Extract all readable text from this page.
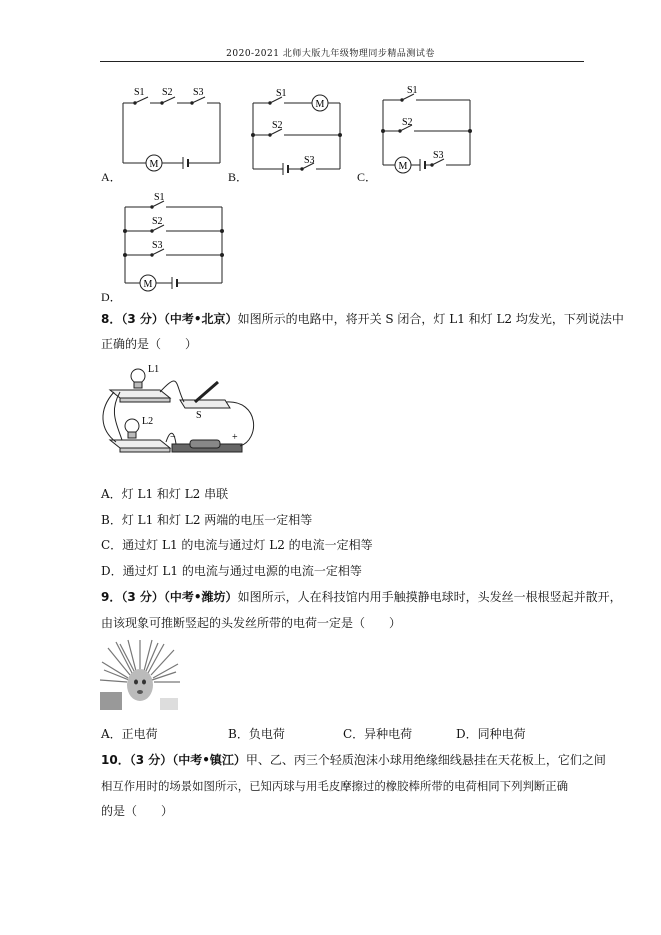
2020-2021 北师大版九年级物理同步精品测试卷
M
S1 S2 S3
A．
M
S1
S2
S3
B．
M
S1
S2
S3
C．
M
S1
S2
S3
D．
8．（3 分）（中考•北京）如图所示的电路中，将开关 S 闭合，灯 L1 和灯 L2 均发光，下列说法中
正确的是（　　）
L1
L2
S
−	+
A．灯 L1 和灯 L2 串联
B．灯 L1 和灯 L2 两端的电压一定相等
C．通过灯 L1 的电流与通过灯 L2 的电流一定相等
D．通过灯 L1 的电流与通过电源的电流一定相等
9．（3 分）（中考•潍坊）如图所示，人在科技馆内用手触摸静电球时，头发丝一根根竖起并散开，
由该现象可推断竖起的头发丝所带的电荷一定是（　　）
A．正电荷	B．负电荷	C．异种电荷	D．同种电荷
10．（3 分）（中考•镇江）甲、乙、丙三个轻质泡沫小球用绝缘细线悬挂在天花板上，它们之间
相互作用时的场景如图所示，已知丙球与用毛皮摩擦过的橡胶棒所带的电荷相同下列判断正确
的是（　　）
